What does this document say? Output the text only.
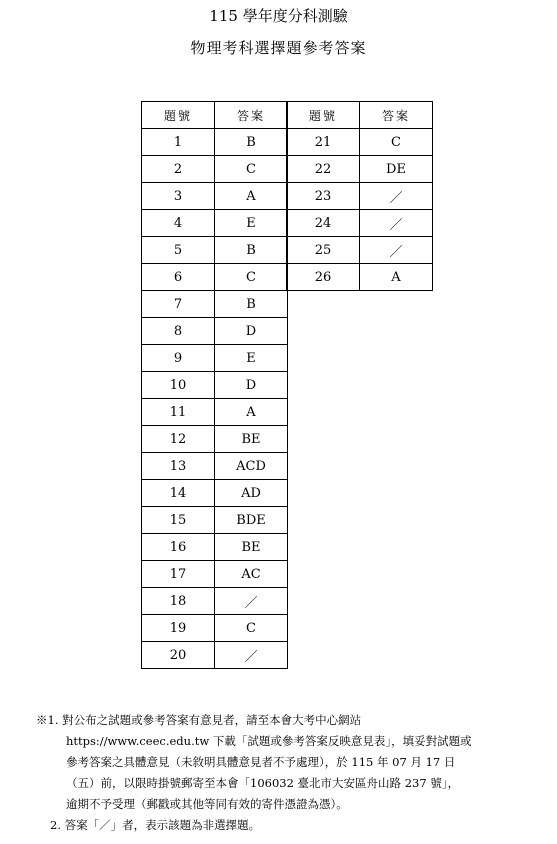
115 學年度分科測驗
物理考科選擇題參考答案
題號	答案
1	B
2	C
3	A
4	E
5	B
6	C
7	B
8	D
9	E
10	D
11	A
12	BE
13	ACD
14	AD
15	BDE
16	BE
17	AC
18	／
19	C
20	／
題號	答案
21	C
22	DE
23	／
24	／
25	／
26	A
※1. 對公布之試題或參考答案有意見者，請至本會大考中心網站
https://www.ceec.edu.tw 下載「試題或參考答案反映意見表」，填妥對試題或
參考答案之具體意見（未敘明具體意見者不予處理），於 115 年 07 月 17 日
（五）前，以限時掛號郵寄至本會「106032 臺北市大安區舟山路 237 號」，
逾期不予受理（郵戳或其他等同有效的寄件憑證為憑）。
2. 答案「／」者，表示該題為非選擇題。
